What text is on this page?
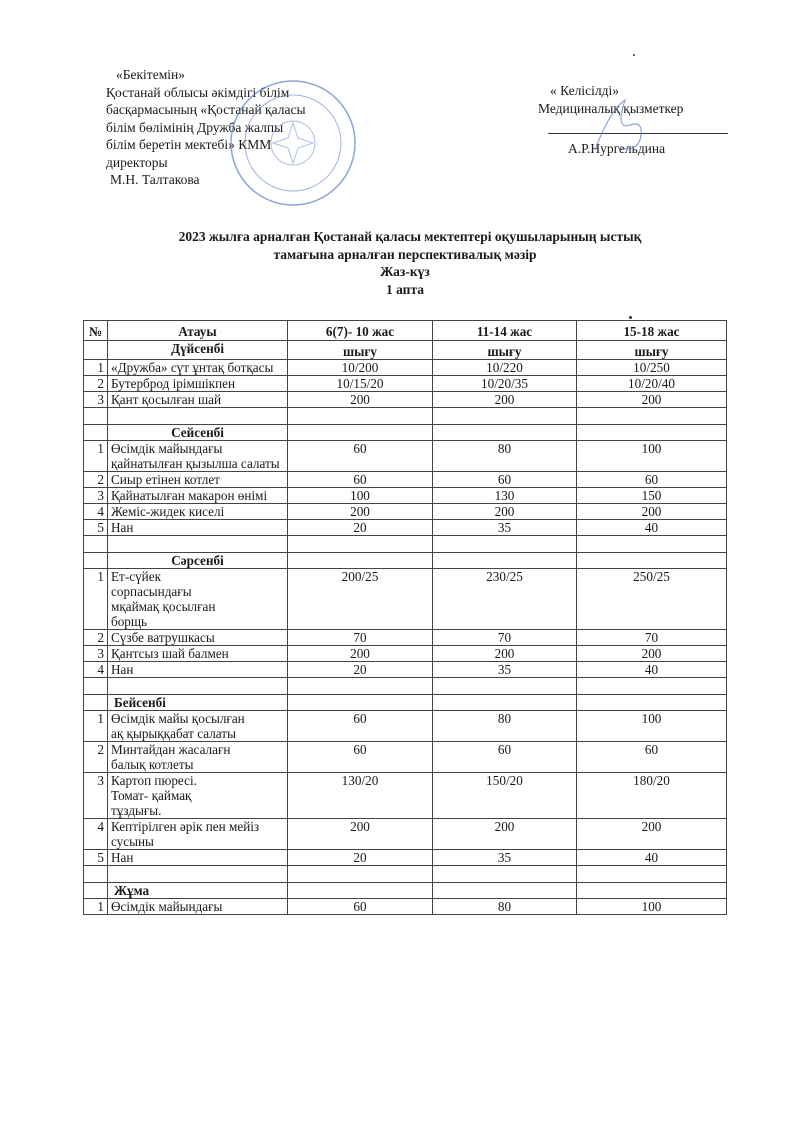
«Бекітемін»
Қостанай облысы әкімдігі білім
басқармасының «Қостанай қаласы
білім бөлімінің Дружба жалпы
білім беретін мектебі» КММ
директоры
М.Н. Талтакова
« Келісілді»
Медициналық қызметкер
А.Р.Нургельдина
2023 жылға арналған Қостанай қаласы мектептері оқушыларының ыстық
тамағына арналған перспективалық мәзір
Жаз-күз
1 апта
№	Атауы	6(7)- 10 жас	11-14 жас	15-18 жас
	Дүйсенбі	шығу	шығу	шығу
1	«Дружба» сүт ұнтақ ботқасы	10/200	10/220	10/250
2	Бутерброд ірімшікпен	10/15/20	10/20/35	10/20/40
3	Қант қосылған шай	200	200	200

	Сейсенбі			
1	Өсімдік майындағы қайнатылған қызылша салаты	60	80	100
2	Сиыр етінен котлет	60	60	60
3	Қайнатылған макарон өнімі	100	130	150
4	Жеміс-жидек киселі	200	200	200
5	Нан	20	35	40

	Сәрсенбі			
1	Ет-сүйек сорпасындағы мқаймақ қосылған борщь	200/25	230/25	250/25
2	Сүзбе ватрушкасы	70	70	70
3	Қантсыз шай балмен	200	200	200
4	Нан	20	35	40

	Бейсенбі			
1	Өсімдік майы қосылған ақ қырыққабат салаты	60	80	100
2	Минтайдан жасалағн балық котлеты	60	60	60
3	Картоп пюресі. Томат- қаймақ тұздығы.	130/20	150/20	180/20
4	Кептірілген әрік пен мейіз сусыны	200	200	200
5	Нан	20	35	40

	Жұма			
1	Өсімдік майындағы	60	80	100
